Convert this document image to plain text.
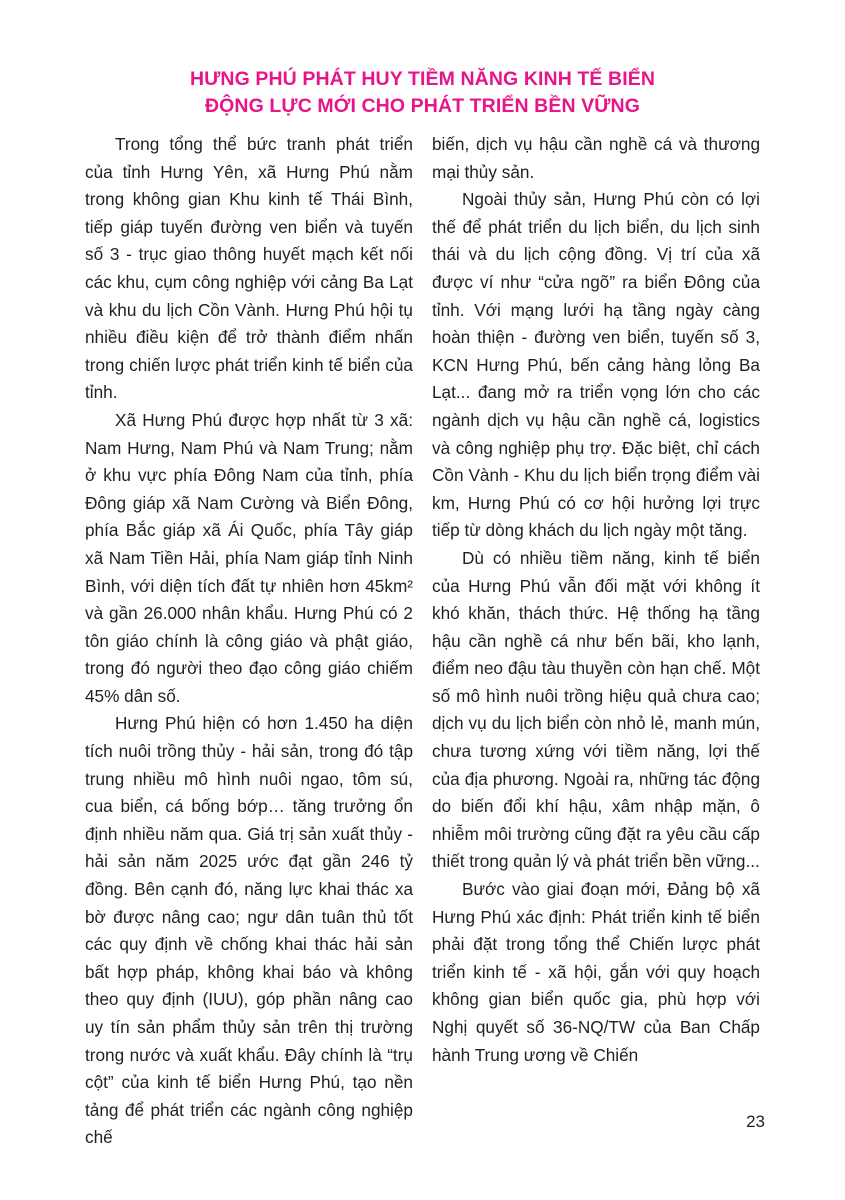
HƯNG PHÚ PHÁT HUY TIỀM NĂNG KINH TẾ BIỂN
ĐỘNG LỰC MỚI CHO PHÁT TRIỂN BỀN VỮNG

Trong tổng thể bức tranh phát triển của tỉnh Hưng Yên, xã Hưng Phú nằm trong không gian Khu kinh tế Thái Bình, tiếp giáp tuyến đường ven biển và tuyến số 3 - trục giao thông huyết mạch kết nối các khu, cụm công nghiệp với cảng Ba Lạt và khu du lịch Cồn Vành. Hưng Phú hội tụ nhiều điều kiện để trở thành điểm nhấn trong chiến lược phát triển kinh tế biển của tỉnh.

Xã Hưng Phú được hợp nhất từ 3 xã: Nam Hưng, Nam Phú và Nam Trung; nằm ở khu vực phía Đông Nam của tỉnh, phía Đông giáp xã Nam Cường và Biển Đông, phía Bắc giáp xã Ái Quốc, phía Tây giáp xã Nam Tiền Hải, phía Nam giáp tỉnh Ninh Bình, với diện tích đất tự nhiên hơn 45km² và gần 26.000 nhân khẩu. Hưng Phú có 2 tôn giáo chính là công giáo và phật giáo, trong đó người theo đạo công giáo chiếm 45% dân số.

Hưng Phú hiện có hơn 1.450 ha diện tích nuôi trồng thủy - hải sản, trong đó tập trung nhiều mô hình nuôi ngao, tôm sú, cua biển, cá bống bớp… tăng trưởng ổn định nhiều năm qua. Giá trị sản xuất thủy - hải sản năm 2025 ước đạt gần 246 tỷ đồng. Bên cạnh đó, năng lực khai thác xa bờ được nâng cao; ngư dân tuân thủ tốt các quy định về chống khai thác hải sản bất hợp pháp, không khai báo và không theo quy định (IUU), góp phần nâng cao uy tín sản phẩm thủy sản trên thị trường trong nước và xuất khẩu. Đây chính là “trụ cột” của kinh tế biển Hưng Phú, tạo nền tảng để phát triển các ngành công nghiệp chế

biến, dịch vụ hậu cần nghề cá và thương mại thủy sản.

Ngoài thủy sản, Hưng Phú còn có lợi thế để phát triển du lịch biển, du lịch sinh thái và du lịch cộng đồng. Vị trí của xã được ví như “cửa ngõ” ra biển Đông của tỉnh. Với mạng lưới hạ tầng ngày càng hoàn thiện - đường ven biển, tuyến số 3, KCN Hưng Phú, bến cảng hàng lỏng Ba Lạt... đang mở ra triển vọng lớn cho các ngành dịch vụ hậu cần nghề cá, logistics và công nghiệp phụ trợ. Đặc biệt, chỉ cách Cồn Vành - Khu du lịch biển trọng điểm vài km, Hưng Phú có cơ hội hưởng lợi trực tiếp từ dòng khách du lịch ngày một tăng.

Dù có nhiều tiềm năng, kinh tế biển của Hưng Phú vẫn đối mặt với không ít khó khăn, thách thức. Hệ thống hạ tầng hậu cần nghề cá như bến bãi, kho lạnh, điểm neo đậu tàu thuyền còn hạn chế. Một số mô hình nuôi trồng hiệu quả chưa cao; dịch vụ du lịch biển còn nhỏ lẻ, manh mún, chưa tương xứng với tiềm năng, lợi thế của địa phương. Ngoài ra, những tác động do biến đổi khí hậu, xâm nhập mặn, ô nhiễm môi trường cũng đặt ra yêu cầu cấp thiết trong quản lý và phát triển bền vững...

Bước vào giai đoạn mới, Đảng bộ xã Hưng Phú xác định: Phát triển kinh tế biển phải đặt trong tổng thể Chiến lược phát triển kinh tế - xã hội, gắn với quy hoạch không gian biển quốc gia, phù hợp với Nghị quyết số 36-NQ/TW của Ban Chấp hành Trung ương về Chiến

23
